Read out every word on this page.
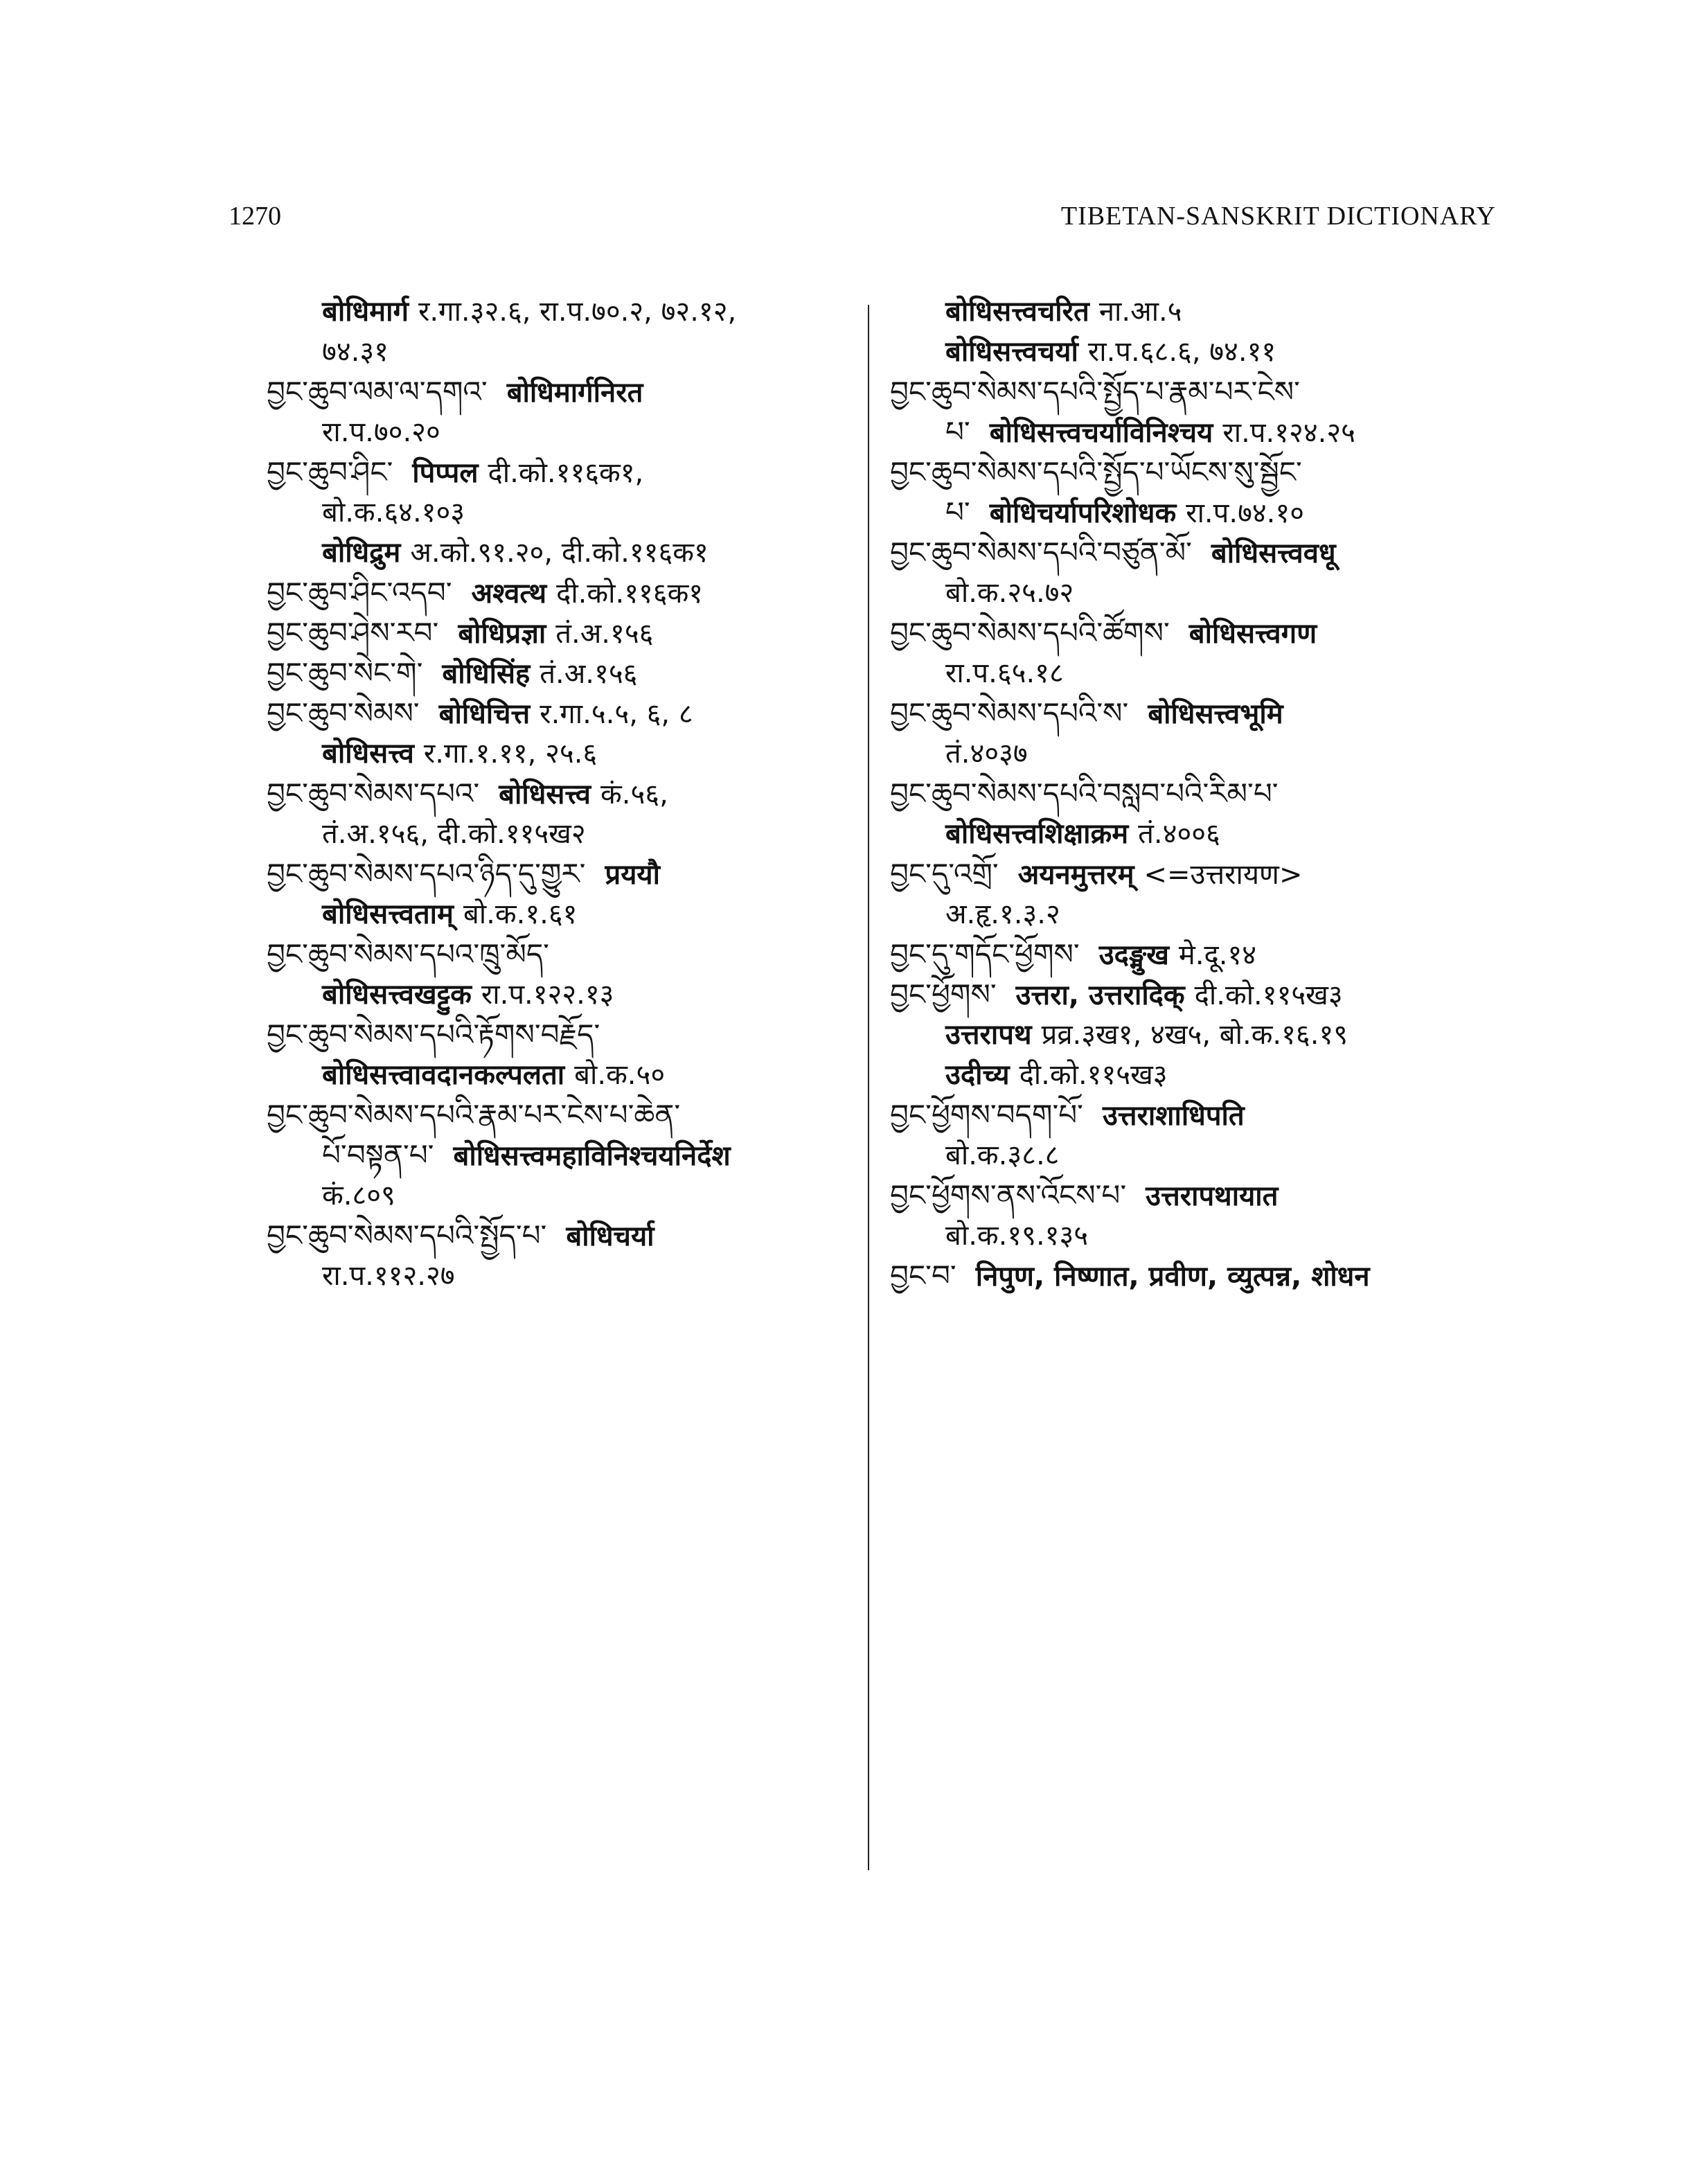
1270	TIBETAN-SANSKRIT DICTIONARY
बोधिमार्ग र.गा.३२.६, रा.प.७०.२, ७२.१२,
७४.३१
བྱང་ཆུབ་ལམ་ལ་དགའ་ बोधिमार्गनिरत
रा.प.७०.२०
བྱང་ཆུབ་ཤིང་ पिप्पल दी.को.११६क१,
बो.क.६४.१०३
बोधिद्रुम अ.को.९१.२०, दी.को.११६क१
བྱང་ཆུབ་ཤིང་འདབ་ अश्वत्थ दी.को.११६क१
བྱང་ཆུབ་ཤེས་རབ་ बोधिप्रज्ञा तं.अ.१५६
བྱང་ཆུབ་སེང་གེ་ बोधिसिंह तं.अ.१५६
བྱང་ཆུབ་སེམས་ बोधिचित्त र.गा.५.५, ६, ८
बोधिसत्त्व र.गा.१.११, २५.६
བྱང་ཆུབ་སེམས་དཔའ་ बोधिसत्त्व कं.५६,
तं.अ.१५६, दी.को.११५ख२
བྱང་ཆུབ་སེམས་དཔའ་ཉིད་དུ་གྱུར་ प्रययौ
बोधिसत्त्वताम् बो.क.१.६१
བྱང་ཆུབ་སེམས་དཔའ་ཁྲུ་མོད་
बोधिसत्त्वखट्टुक रा.प.१२२.१३
བྱང་ཆུབ་སེམས་དཔའི་རྟོགས་བརྗོད་
बोधिसत्त्वावदानकल्पलता बो.क.५०
བྱང་ཆུབ་སེམས་དཔའི་རྣམ་པར་ངེས་པ་ཆེན་
པོ་བསྟན་པ་ बोधिसत्त्वमहाविनिश्चयनिर्देश
कं.८०९
བྱང་ཆུབ་སེམས་དཔའི་སྤྱོད་པ་ बोधिचर्या
रा.प.११२.२७
बोधिसत्त्वचरित ना.आ.५
बोधिसत्त्वचर्या रा.प.६८.६, ७४.११
བྱང་ཆུབ་སེམས་དཔའི་སྤྱོད་པ་རྣམ་པར་ངེས་
པ་ बोधिसत्त्वचर्याविनिश्चय रा.प.१२४.२५
བྱང་ཆུབ་སེམས་དཔའི་སྤྱོད་པ་ཡོངས་སུ་སྦྱོང་
པ་ बोधिचर्यापरिशोधक रा.प.७४.१०
བྱང་ཆུབ་སེམས་དཔའི་བཙུན་མོ་ बोधिसत्त्ववधू
बो.क.२५.७२
བྱང་ཆུབ་སེམས་དཔའི་ཚོགས་ बोधिसत्त्वगण
रा.प.६५.१८
བྱང་ཆུབ་སེམས་དཔའི་ས་ बोधिसत्त्वभूमि
तं.४०३७
བྱང་ཆུབ་སེམས་དཔའི་བསླབ་པའི་རིམ་པ་
बोधिसत्त्वशिक्षाक्रम तं.४००६
བྱང་དུ་འགྲོ་ अयनमुत्तरम् <=उत्तरायण>
अ.हृ.१.३.२
བྱང་དུ་གདོང་ཕྱོགས་ उदङ्मुख मे.दू.१४
བྱང་ཕྱོགས་ उत्तरा, उत्तरादिक् दी.को.११५ख३
उत्तरापथ प्रव्र.३ख१, ४ख५, बो.क.१६.१९
उदीच्य दी.को.११५ख३
བྱང་ཕྱོགས་བདག་པོ་ उत्तराशाधिपति
बो.क.३८.८
བྱང་ཕྱོགས་ནས་འོངས་པ་ उत्तरापथायात
बो.क.१९.१३५
བྱང་བ་ निपुण, निष्णात, प्रवीण, व्युत्पन्न, शोधन
